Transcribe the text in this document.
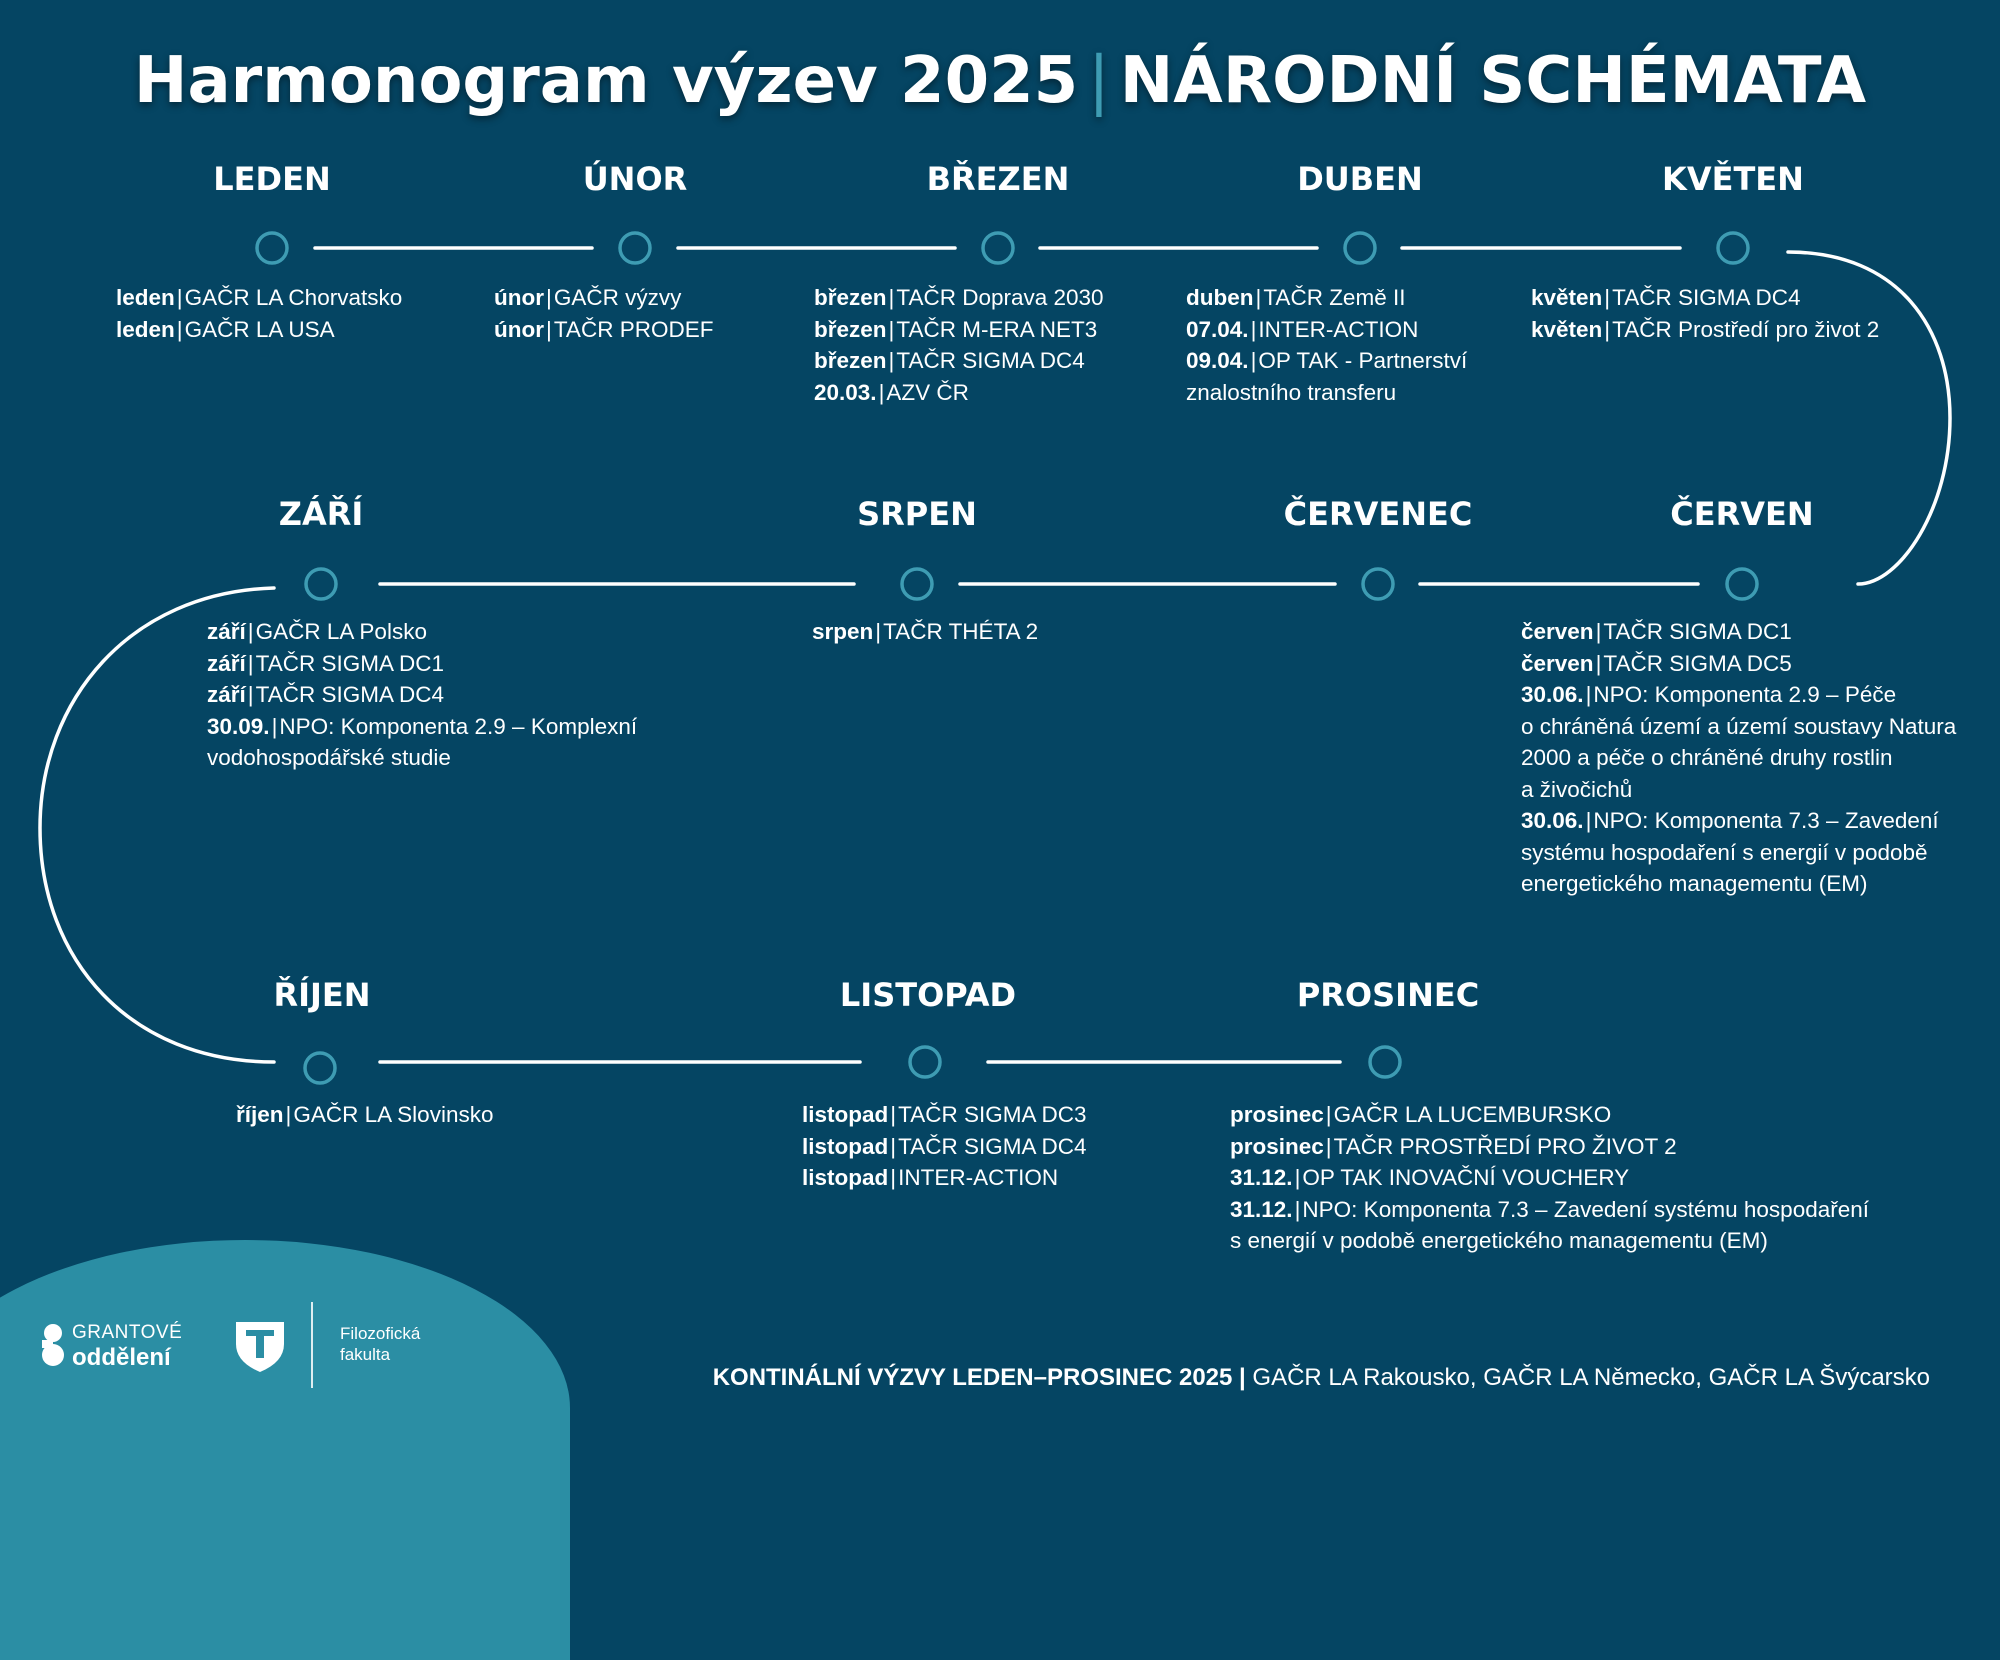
Harmonogram výzev 2025 | NÁRODNÍ SCHÉMATA
LEDEN
leden|GAČR LA Chorvatsko
leden|GAČR LA USA
ÚNOR
únor|GAČR výzvy
únor|TAČR PRODEF
BŘEZEN
březen|TAČR Doprava 2030
březen|TAČR M-ERA NET3
březen|TAČR SIGMA DC4
20.03.|AZV ČR
DUBEN
duben|TAČR Země II
07.04.|INTER-ACTION
09.04.|OP TAK - Partnerství
znalostního transferu
KVĚTEN
květen|TAČR SIGMA DC4
květen|TAČR Prostředí pro život 2
ČERVEN
červen|TAČR SIGMA DC1
červen|TAČR SIGMA DC5
30.06.|NPO: Komponenta 2.9 – Péče
o chráněná území a území soustavy Natura
2000 a péče o chráněné druhy rostlin
a živočichů
30.06.|NPO: Komponenta 7.3 – Zavedení
systému hospodaření s energií v podobě
energetického managementu (EM)
ČERVENEC
SRPEN
srpen|TAČR THÉTA 2
ZÁŘÍ
září|GAČR LA Polsko
září|TAČR SIGMA DC1
září|TAČR SIGMA DC4
30.09.|NPO: Komponenta 2.9 – Komplexní
vodohospodářské studie
ŘÍJEN
říjen|GAČR LA Slovinsko
LISTOPAD
listopad|TAČR SIGMA DC3
listopad|TAČR SIGMA DC4
listopad|INTER-ACTION
PROSINEC
prosinec|GAČR LA LUCEMBURSKO
prosinec|TAČR PROSTŘEDÍ PRO ŽIVOT 2
31.12.|OP TAK INOVAČNÍ VOUCHERY
31.12.|NPO: Komponenta 7.3 – Zavedení systému hospodaření
s energií v podobě energetického managementu (EM)
GRANTOVÉ
oddělení
Filozofická
fakulta
KONTINÁLNÍ VÝZVY LEDEN–PROSINEC 2025 | GAČR LA Rakousko, GAČR LA Německo, GAČR LA Švýcarsko
